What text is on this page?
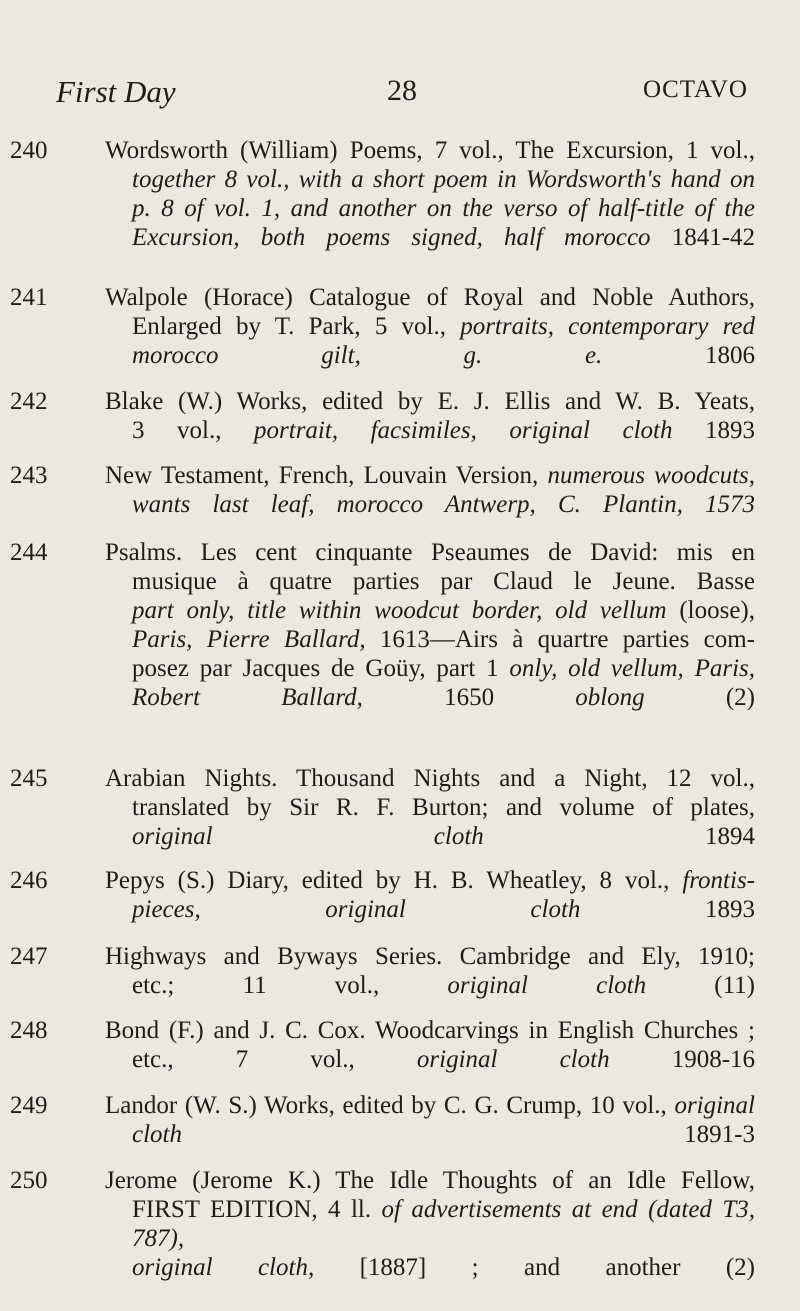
First Day	28	OCTAVO
240 Wordsworth (William) Poems, 7 vol., The Excursion, 1 vol.,
together 8 vol., with a short poem in Wordsworth's hand on
p. 8 of vol. 1, and another on the verso of half-title of the
Excursion, both poems signed, half morocco 1841-42
241 Walpole (Horace) Catalogue of Royal and Noble Authors,
Enlarged by T. Park, 5 vol., portraits, contemporary red
morocco gilt, g. e.	1806
242 Blake (W.) Works, edited by E. J. Ellis and W. B. Yeats,
3 vol., portrait, facsimiles, original cloth 1893
243 New Testament, French, Louvain Version, numerous woodcuts,
wants last leaf, morocco Antwerp, C. Plantin, 1573
244 Psalms. Les cent cinquante Pseaumes de David: mis en
musique à quatre parties par Claud le Jeune. Basse
part only, title within woodcut border, old vellum (loose),
Paris, Pierre Ballard, 1613—Airs à quartre parties com-
posez par Jacques de Goüy, part 1 only, old vellum, Paris,
Robert Ballard,	1650	oblong	(2)
245 Arabian Nights. Thousand Nights and a Night, 12 vol.,
translated by Sir R. F. Burton; and volume of plates,
original cloth	1894
246 Pepys (S.) Diary, edited by H. B. Wheatley, 8 vol., frontis-
pieces, original cloth	1893
247 Highways and Byways Series. Cambridge and Ely, 1910;
etc.; 11 vol.,	original cloth	(11)
248 Bond (F.) and J. C. Cox. Woodcarvings in English Churches ;
etc., 7 vol., original cloth 1908-16
249 Landor (W. S.) Works, edited by C. G. Crump, 10 vol., original
cloth	1891-3
250 Jerome (Jerome K.) The Idle Thoughts of an Idle Fellow,
FIRST EDITION, 4 ll. of advertisements at end (dated T3, 787),
original cloth, [1887] ; and another (2)
